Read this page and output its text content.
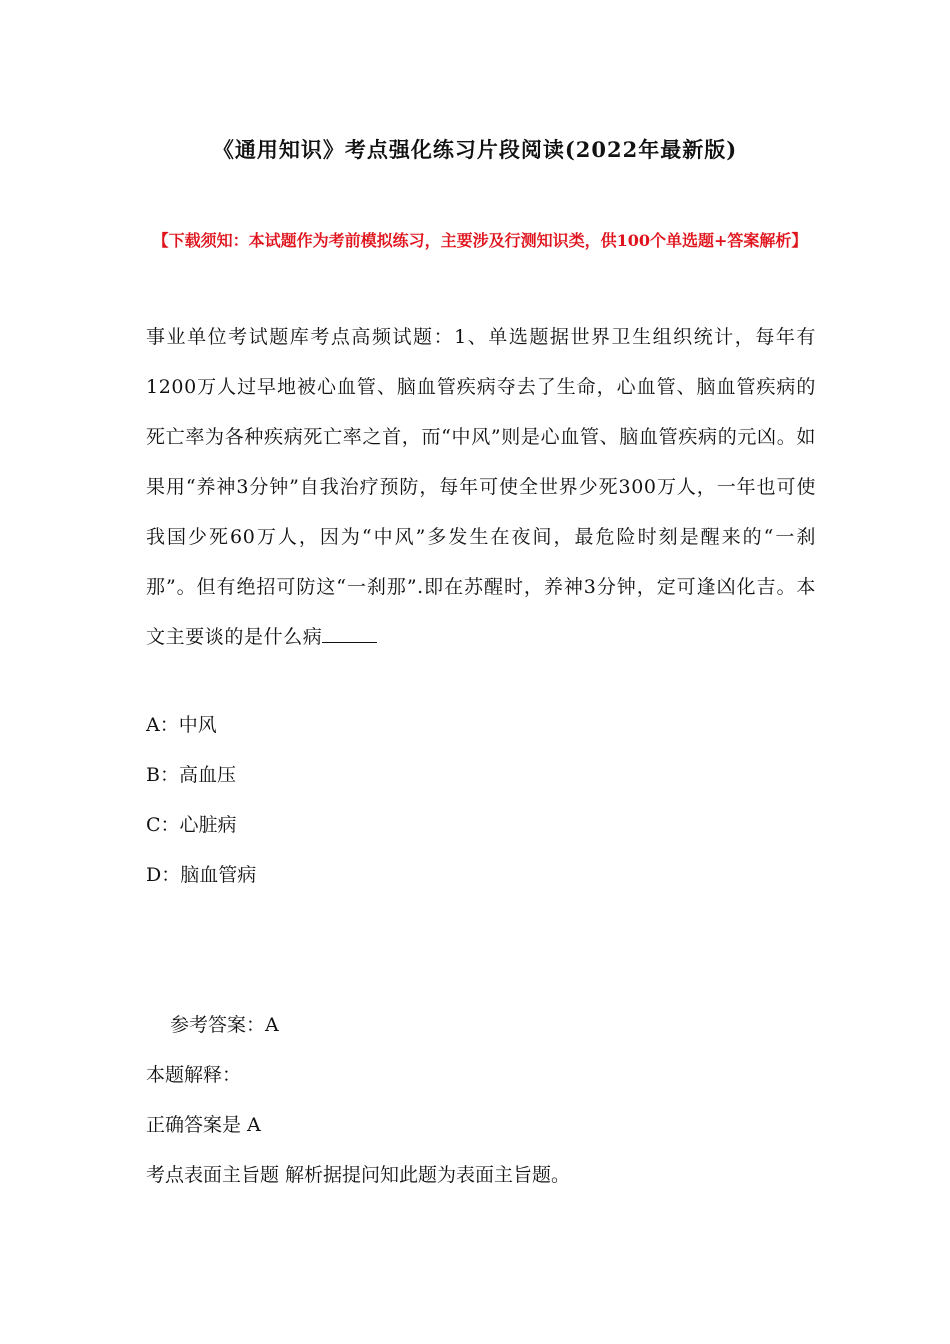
《通用知识》考点强化练习片段阅读(2022年最新版)
【下载须知：本试题作为考前模拟练习，主要涉及行测知识类，供100个单选题+答案解析】
事业单位考试题库考点高频试题：1、单选题据世界卫生组织统计，每年有1200万人过早地被心血管、脑血管疾病夺去了生命，心血管、脑血管疾病的死亡率为各种疾病死亡率之首，而“中风”则是心血管、脑血管疾病的元凶。如果用“养神3分钟”自我治疗预防，每年可使全世界少死300万人，一年也可使我国少死60万人，因为“中风”多发生在夜间，最危险时刻是醒来的“一刹那”。但有绝招可防这“一刹那”.即在苏醒时，养神3分钟，定可逢凶化吉。本文主要谈的是什么病
A：中风
B：高血压
C：心脏病
D：脑血管病
参考答案：A
本题解释：
正确答案是 A
考点表面主旨题 解析据提问知此题为表面主旨题。
